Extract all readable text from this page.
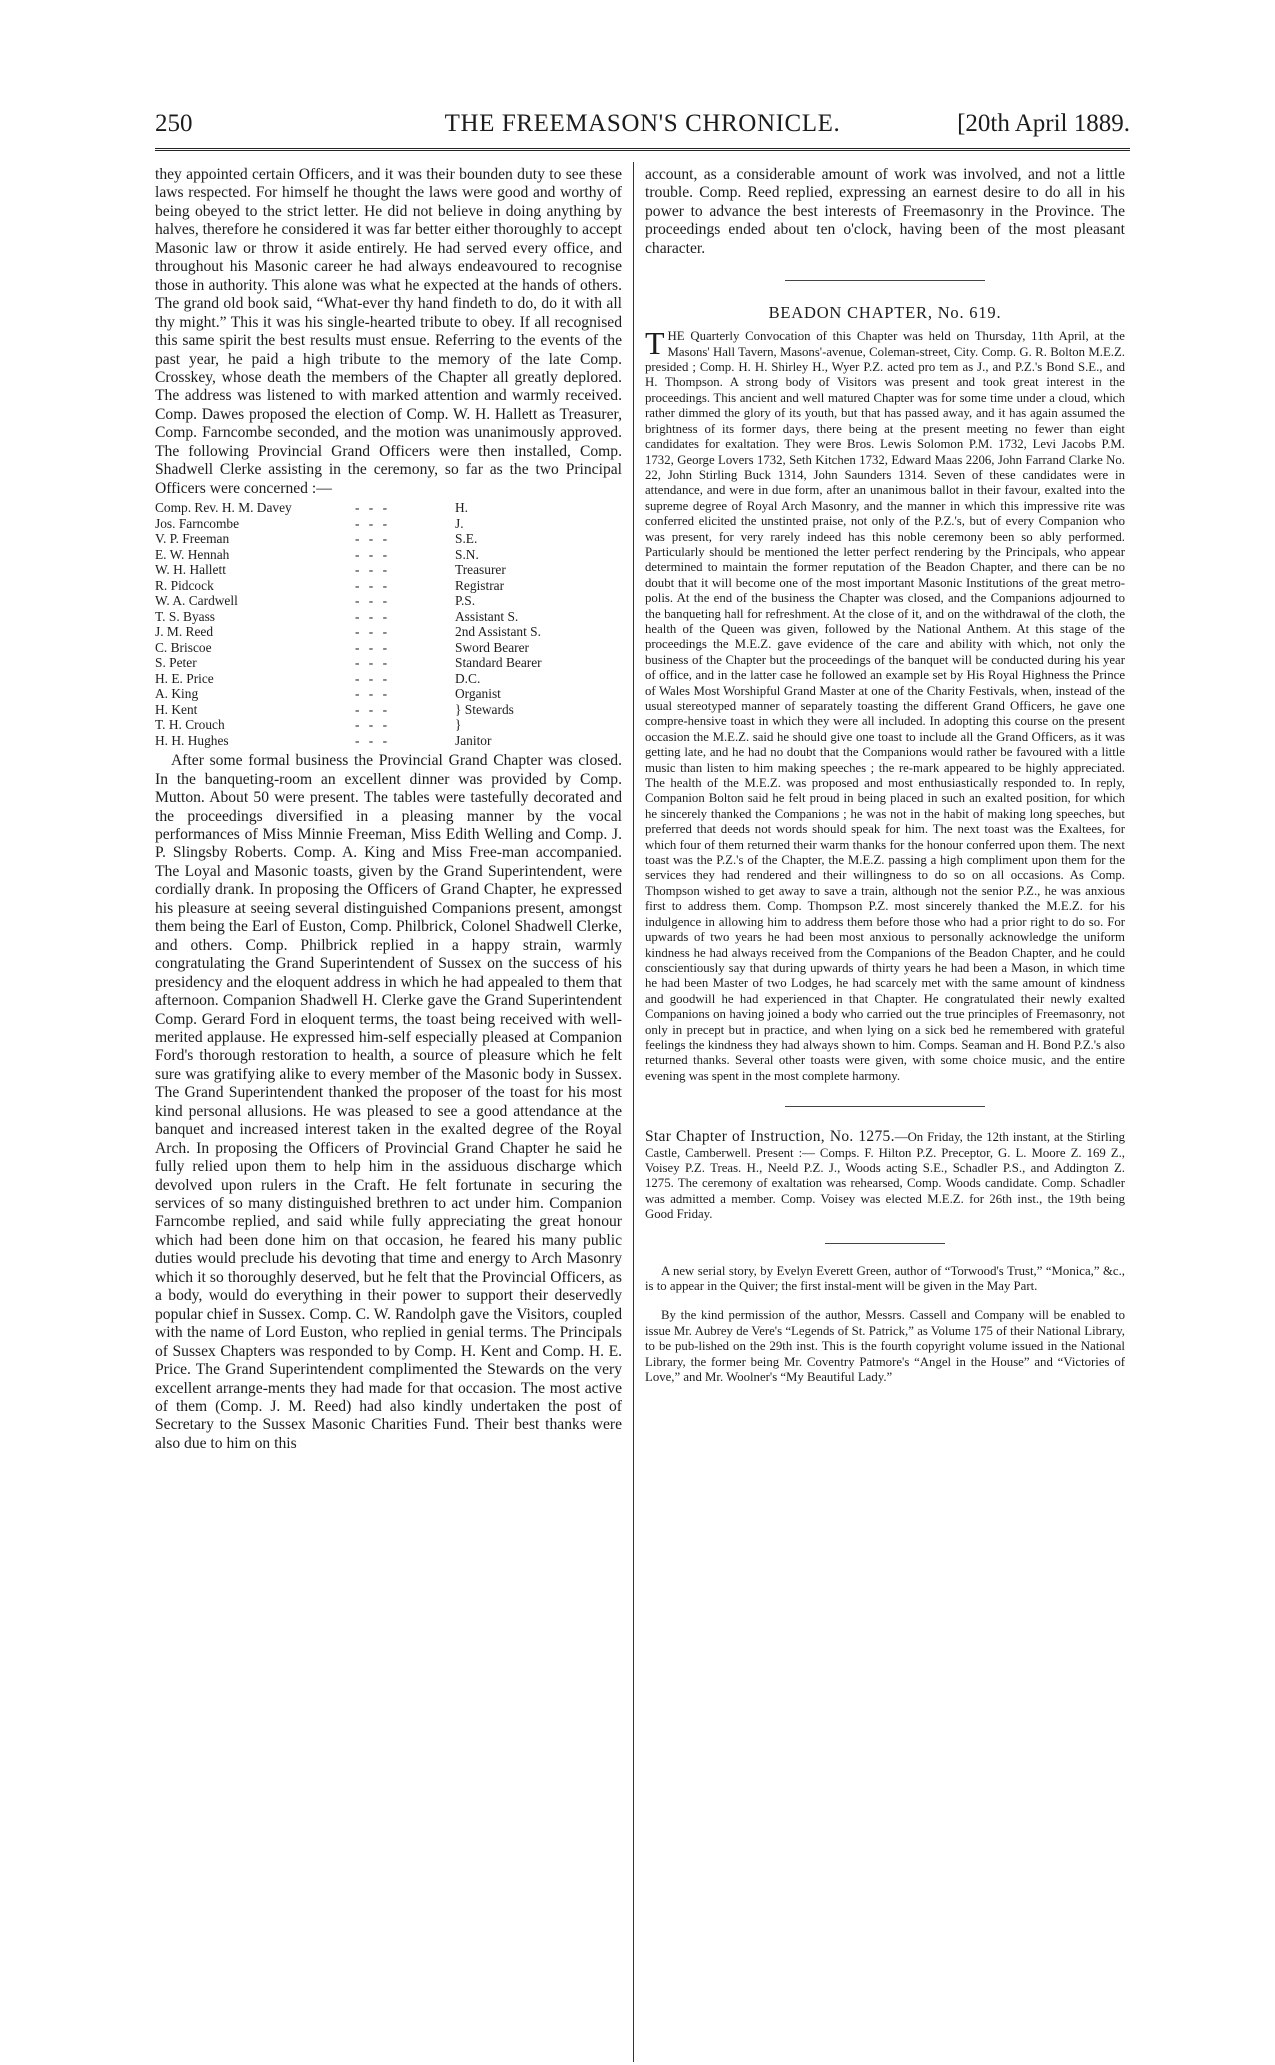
250	THE FREEMASON'S CHRONICLE.	[20th April 1889.

they appointed certain Officers, and it was their bounden duty to see these laws respected. For himself he thought the laws were good and worthy of being obeyed to the strict letter. He did not believe in doing anything by halves, therefore he considered it was far better either thoroughly to accept Masonic law or throw it aside entirely. He had served every office, and throughout his Masonic career he had always endeavoured to recognise those in authority. This alone was what he expected at the hands of others. The grand old book said, “What-ever thy hand findeth to do, do it with all thy might.” This it was his single-hearted tribute to obey. If all recognised this same spirit the best results must ensue. Referring to the events of the past year, he paid a high tribute to the memory of the late Comp. Crosskey, whose death the members of the Chapter all greatly deplored. The address was listened to with marked attention and warmly received. Comp. Dawes proposed the election of Comp. W. H. Hallett as Treasurer, Comp. Farncombe seconded, and the motion was unanimously approved. The following Provincial Grand Officers were then installed, Comp. Shadwell Clerke assisting in the ceremony, so far as the two Principal Officers were concerned :—

Comp. Rev. H. M. Davey	- - -	H.
Jos. Farncombe	- - -	J.
V. P. Freeman	- - -	S.E.
E. W. Hennah	- - -	S.N.
W. H. Hallett	- - -	Treasurer
R. Pidcock	- - -	Registrar
W. A. Cardwell	- - -	P.S.
T. S. Byass	- - -	Assistant S.
J. M. Reed	- - -	2nd Assistant S.
C. Briscoe	- - -	Sword Bearer
S. Peter	- - -	Standard Bearer
H. E. Price	- - -	D.C.
A. King	- - -	Organist
H. Kent	- - -	} Stewards
T. H. Crouch	- - -	}
H. H. Hughes	- - -	Janitor

After some formal business the Provincial Grand Chapter was closed. In the banqueting-room an excellent dinner was provided by Comp. Mutton. About 50 were present. The tables were tastefully decorated and the proceedings diversified in a pleasing manner by the vocal performances of Miss Minnie Freeman, Miss Edith Welling and Comp. J. P. Slingsby Roberts. Comp. A. King and Miss Free-man accompanied. The Loyal and Masonic toasts, given by the Grand Superintendent, were cordially drank. In proposing the Officers of Grand Chapter, he expressed his pleasure at seeing several distinguished Companions present, amongst them being the Earl of Euston, Comp. Philbrick, Colonel Shadwell Clerke, and others. Comp. Philbrick replied in a happy strain, warmly congratulating the Grand Superintendent of Sussex on the success of his presidency and the eloquent address in which he had appealed to them that afternoon. Companion Shadwell H. Clerke gave the Grand Superintendent Comp. Gerard Ford in eloquent terms, the toast being received with well-merited applause. He expressed him-self especially pleased at Companion Ford's thorough restoration to health, a source of pleasure which he felt sure was gratifying alike to every member of the Masonic body in Sussex. The Grand Superintendent thanked the proposer of the toast for his most kind personal allusions. He was pleased to see a good attendance at the banquet and increased interest taken in the exalted degree of the Royal Arch. In proposing the Officers of Provincial Grand Chapter he said he fully relied upon them to help him in the assiduous discharge which devolved upon rulers in the Craft. He felt fortunate in securing the services of so many distinguished brethren to act under him. Companion Farncombe replied, and said while fully appreciating the great honour which had been done him on that occasion, he feared his many public duties would preclude his devoting that time and energy to Arch Masonry which it so thoroughly deserved, but he felt that the Provincial Officers, as a body, would do everything in their power to support their deservedly popular chief in Sussex. Comp. C. W. Randolph gave the Visitors, coupled with the name of Lord Euston, who replied in genial terms. The Principals of Sussex Chapters was responded to by Comp. H. Kent and Comp. H. E. Price. The Grand Superintendent complimented the Stewards on the very excellent arrange-ments they had made for that occasion. The most active of them (Comp. J. M. Reed) had also kindly undertaken the post of Secretary to the Sussex Masonic Charities Fund. Their best thanks were also due to him on this

account, as a considerable amount of work was involved, and not a little trouble. Comp. Reed replied, expressing an earnest desire to do all in his power to advance the best interests of Freemasonry in the Province. The proceedings ended about ten o'clock, having been of the most pleasant character.

BEADON CHAPTER, No. 619.

THE Quarterly Convocation of this Chapter was held on Thursday, 11th April, at the Masons' Hall Tavern, Masons'-avenue, Coleman-street, City. Comp. G. R. Bolton M.E.Z. presided ; Comp. H. H. Shirley H., Wyer P.Z. acted pro tem as J., and P.Z.'s Bond S.E., and H. Thompson. A strong body of Visitors was present and took great interest in the proceedings. This ancient and well matured Chapter was for some time under a cloud, which rather dimmed the glory of its youth, but that has passed away, and it has again assumed the brightness of its former days, there being at the present meeting no fewer than eight candidates for exaltation. They were Bros. Lewis Solomon P.M. 1732, Levi Jacobs P.M. 1732, George Lovers 1732, Seth Kitchen 1732, Edward Maas 2206, John Farrand Clarke No. 22, John Stirling Buck 1314, John Saunders 1314. Seven of these candidates were in attendance, and were in due form, after an unanimous ballot in their favour, exalted into the supreme degree of Royal Arch Masonry, and the manner in which this impressive rite was conferred elicited the unstinted praise, not only of the P.Z.'s, but of every Companion who was present, for very rarely indeed has this noble ceremony been so ably performed. Particularly should be mentioned the letter perfect rendering by the Principals, who appear determined to maintain the former reputation of the Beadon Chapter, and there can be no doubt that it will become one of the most important Masonic Institutions of the great metro-polis. At the end of the business the Chapter was closed, and the Companions adjourned to the banqueting hall for refreshment. At the close of it, and on the withdrawal of the cloth, the health of the Queen was given, followed by the National Anthem. At this stage of the proceedings the M.E.Z. gave evidence of the care and ability with which, not only the business of the Chapter but the proceedings of the banquet will be conducted during his year of office, and in the latter case he followed an example set by His Royal Highness the Prince of Wales Most Worshipful Grand Master at one of the Charity Festivals, when, instead of the usual stereotyped manner of separately toasting the different Grand Officers, he gave one compre-hensive toast in which they were all included. In adopting this course on the present occasion the M.E.Z. said he should give one toast to include all the Grand Officers, as it was getting late, and he had no doubt that the Companions would rather be favoured with a little music than listen to him making speeches ; the re-mark appeared to be highly appreciated. The health of the M.E.Z. was proposed and most enthusiastically responded to. In reply, Companion Bolton said he felt proud in being placed in such an exalted position, for which he sincerely thanked the Companions ; he was not in the habit of making long speeches, but preferred that deeds not words should speak for him. The next toast was the Exaltees, for which four of them returned their warm thanks for the honour conferred upon them. The next toast was the P.Z.'s of the Chapter, the M.E.Z. passing a high compliment upon them for the services they had rendered and their willingness to do so on all occasions. As Comp. Thompson wished to get away to save a train, although not the senior P.Z., he was anxious first to address them. Comp. Thompson P.Z. most sincerely thanked the M.E.Z. for his indulgence in allowing him to address them before those who had a prior right to do so. For upwards of two years he had been most anxious to personally acknowledge the uniform kindness he had always received from the Companions of the Beadon Chapter, and he could conscientiously say that during upwards of thirty years he had been a Mason, in which time he had been Master of two Lodges, he had scarcely met with the same amount of kindness and goodwill he had experienced in that Chapter. He congratulated their newly exalted Companions on having joined a body who carried out the true principles of Freemasonry, not only in precept but in practice, and when lying on a sick bed he remembered with grateful feelings the kindness they had always shown to him. Comps. Seaman and H. Bond P.Z.'s also returned thanks. Several other toasts were given, with some choice music, and the entire evening was spent in the most complete harmony.

Star Chapter of Instruction, No. 1275.—On Friday, the 12th instant, at the Stirling Castle, Camberwell. Present :— Comps. F. Hilton P.Z. Preceptor, G. L. Moore Z. 169 Z., Voisey P.Z. Treas. H., Neeld P.Z. J., Woods acting S.E., Schadler P.S., and Addington Z. 1275. The ceremony of exaltation was rehearsed, Comp. Woods candidate. Comp. Schadler was admitted a member. Comp. Voisey was elected M.E.Z. for 26th inst., the 19th being Good Friday.

A new serial story, by Evelyn Everett Green, author of “Torwood's Trust,” “Monica,” &c., is to appear in the Quiver; the first instal-ment will be given in the May Part.

By the kind permission of the author, Messrs. Cassell and Company will be enabled to issue Mr. Aubrey de Vere's “Legends of St. Patrick,” as Volume 175 of their National Library, to be pub-lished on the 29th inst. This is the fourth copyright volume issued in the National Library, the former being Mr. Coventry Patmore's “Angel in the House” and “Victories of Love,” and Mr. Woolner's “My Beautiful Lady.”
